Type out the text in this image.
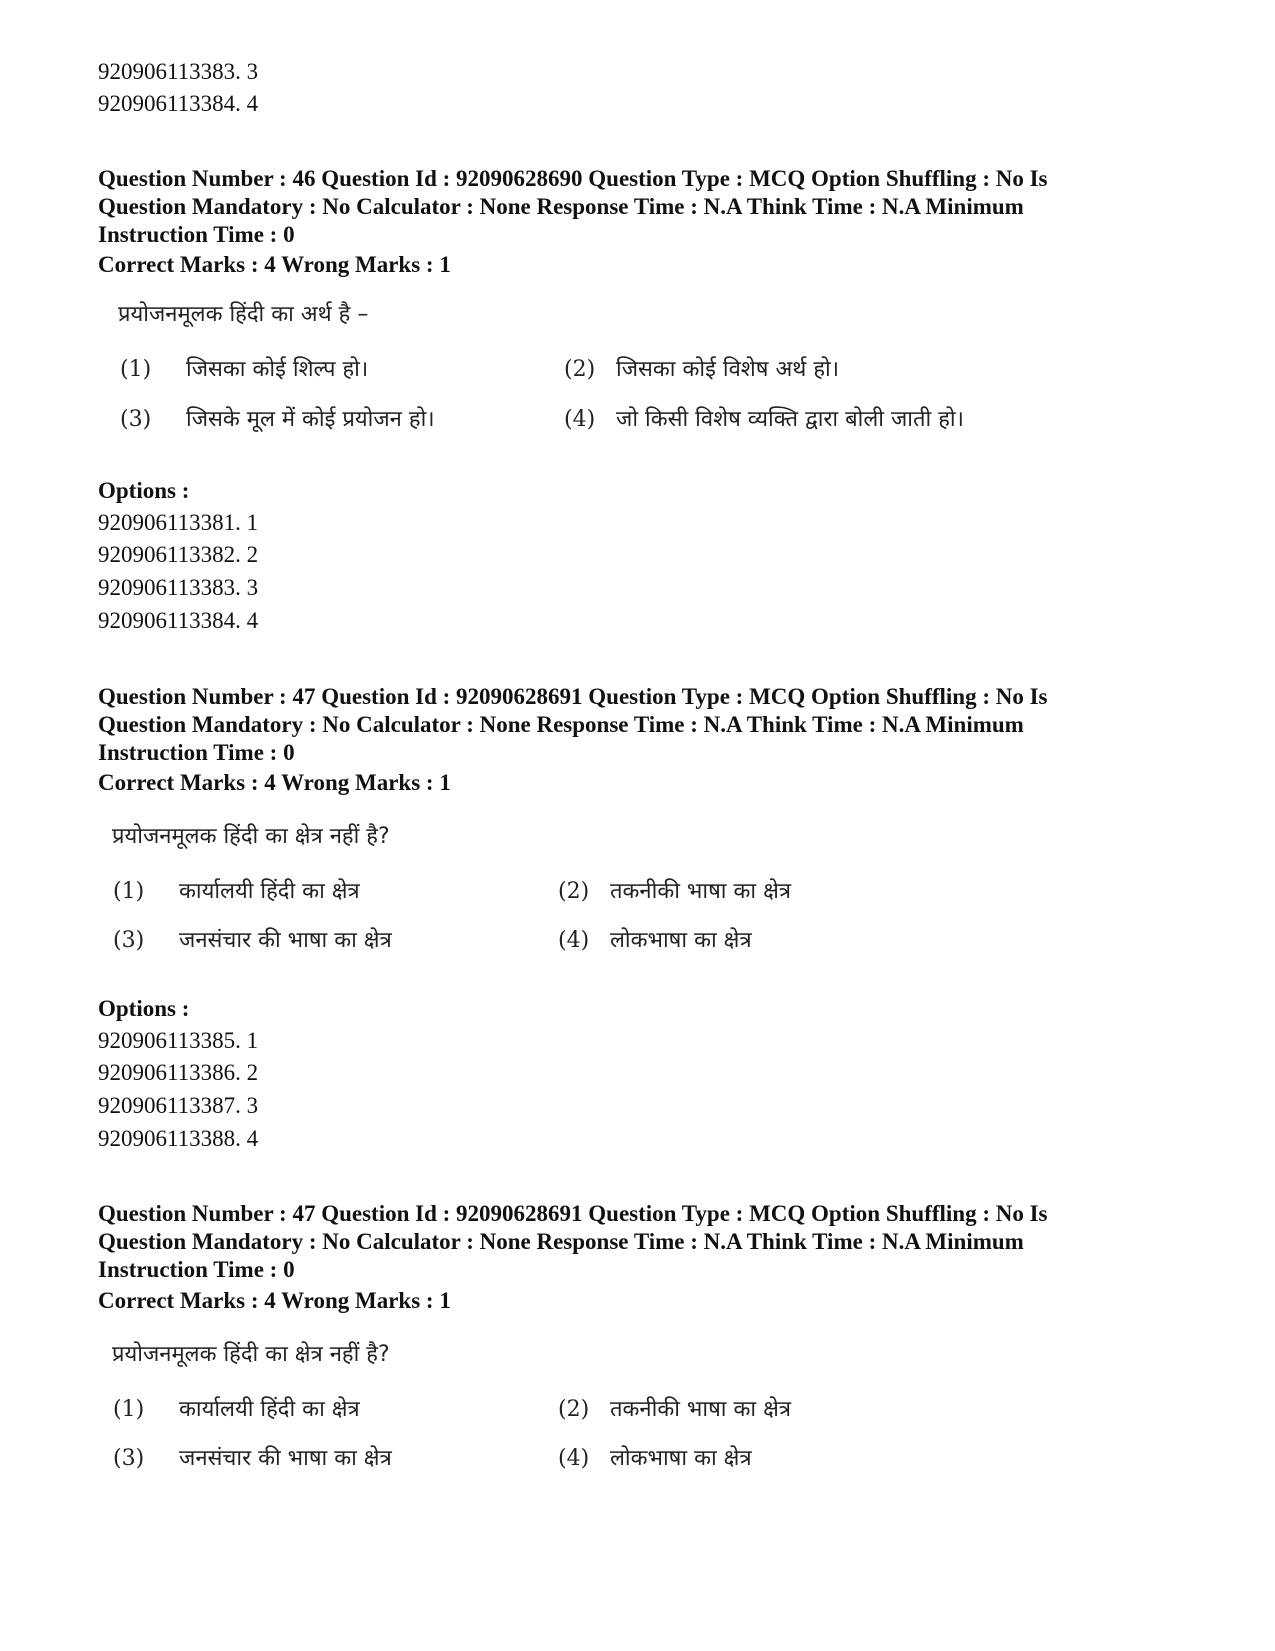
920906113383. 3
920906113384. 4
Question Number : 46 Question Id : 92090628690 Question Type : MCQ Option Shuffling : No Is
Question Mandatory : No Calculator : None Response Time : N.A Think Time : N.A Minimum
Instruction Time : 0
Correct Marks : 4 Wrong Marks : 1
प्रयोजनमूलक हिंदी का अर्थ है –
(1) जिसका कोई शिल्प हो।	(2) जिसका कोई विशेष अर्थ हो।
(3) जिसके मूल में कोई प्रयोजन हो।	(4) जो किसी विशेष व्यक्ति द्वारा बोली जाती हो।
Options :
920906113381. 1
920906113382. 2
920906113383. 3
920906113384. 4
Question Number : 47 Question Id : 92090628691 Question Type : MCQ Option Shuffling : No Is
Question Mandatory : No Calculator : None Response Time : N.A Think Time : N.A Minimum
Instruction Time : 0
Correct Marks : 4 Wrong Marks : 1
प्रयोजनमूलक हिंदी का क्षेत्र नहीं है?
(1) कार्यालयी हिंदी का क्षेत्र	(2) तकनीकी भाषा का क्षेत्र
(3) जनसंचार की भाषा का क्षेत्र	(4) लोकभाषा का क्षेत्र
Options :
920906113385. 1
920906113386. 2
920906113387. 3
920906113388. 4
Question Number : 47 Question Id : 92090628691 Question Type : MCQ Option Shuffling : No Is
Question Mandatory : No Calculator : None Response Time : N.A Think Time : N.A Minimum
Instruction Time : 0
Correct Marks : 4 Wrong Marks : 1
प्रयोजनमूलक हिंदी का क्षेत्र नहीं है?
(1) कार्यालयी हिंदी का क्षेत्र	(2) तकनीकी भाषा का क्षेत्र
(3) जनसंचार की भाषा का क्षेत्र	(4) लोकभाषा का क्षेत्र
